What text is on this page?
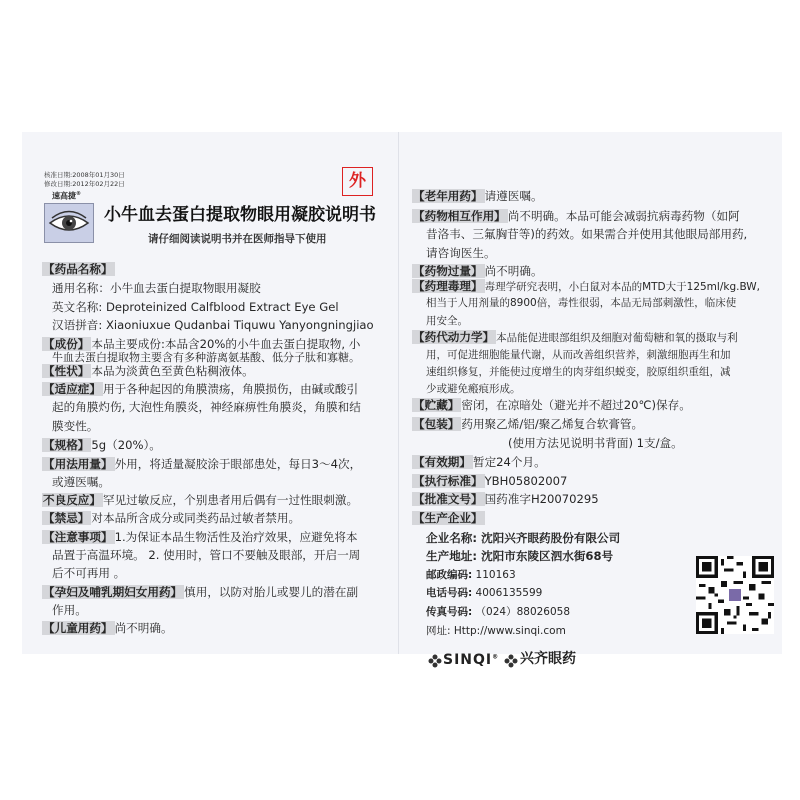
核准日期:2008年01月30日
修改日期:2012年02月22日
速高捷®
小牛血去蛋白提取物眼用凝胶说明书
请仔细阅读说明书并在医师指导下使用
外
【药品名称】
通用名称：小牛血去蛋白提取物眼用凝胶
英文名称: Deproteinized Calfblood Extract Eye Gel
汉语拼音: Xiaoniuxue Qudanbai Tiquwu Yanyongningjiao
【成份】 本品主要成份:本品含20%的小牛血去蛋白提取物, 小
牛血去蛋白提取物主要含有多种游离氨基酸、低分子肽和寡糖。
【性状】 本品为淡黄色至黄色粘稠液体。
【适应症】 用于各种起因的角膜溃疡，角膜损伤，由碱或酸引
起的角膜灼伤, 大泡性角膜炎，神经麻痹性角膜炎，角膜和结
膜变性。
【规格】 5g（20%）。
【用法用量】 外用，将适量凝胶涂于眼部患处，每日3～4次，
或遵医嘱。
不良反应】 罕见过敏反应，个别患者用后偶有一过性眼刺激。
【禁忌】 对本品所含成分或同类药品过敏者禁用。
【注意事项】 1.为保证本品生物活性及治疗效果，应避免将本
品置于高温环境。 2. 使用时，管口不要触及眼部，开启一周
后不可再用 。
【孕妇及哺乳期妇女用药】 慎用，以防对胎儿或婴儿的潜在副
作用。
【儿童用药】 尚不明确。
【老年用药】 请遵医嘱。
【药物相互作用】 尚不明确。本品可能会减弱抗病毒药物（如阿
昔洛韦、三氟胸苷等)的药效。如果需合并使用其他眼局部用药,
请咨询医生。
【药物过量】 尚不明确。
【药理毒理】 毒理学研究表明，小白鼠对本品的MTD大于125ml/kg.BW,
相当于人用剂量的8900倍，毒性很弱，本品无局部刺激性，临床使
用安全。
【药代动力学】 本品能促进眼部组织及细胞对葡萄糖和氧的摄取与利
用，可促进细胞能量代谢，从而改善组织营养，刺激细胞再生和加
速组织修复，并能使过度增生的肉芽组织蜕变，胶原组织重组，减
少或避免瘢痕形成。
【贮藏】 密闭，在凉暗处（避光并不超过20℃)保存。
【包装】 药用聚乙烯/铝/聚乙烯复合软膏管。
(使用方法见说明书背面) 1支/盒。
【有效期】 暂定24个月。
【执行标准】 YBH05802007
【批准文号】 国药准字H20070295
【生产企业】
企业名称: 沈阳兴齐眼药股份有限公司
生产地址: 沈阳市东陵区泗水街68号
邮政编码: 110163
电话号码: 4006135599
传真号码: （024）88026058
网址: Http://www.sinqi.com
SINQI® 兴齐眼药
